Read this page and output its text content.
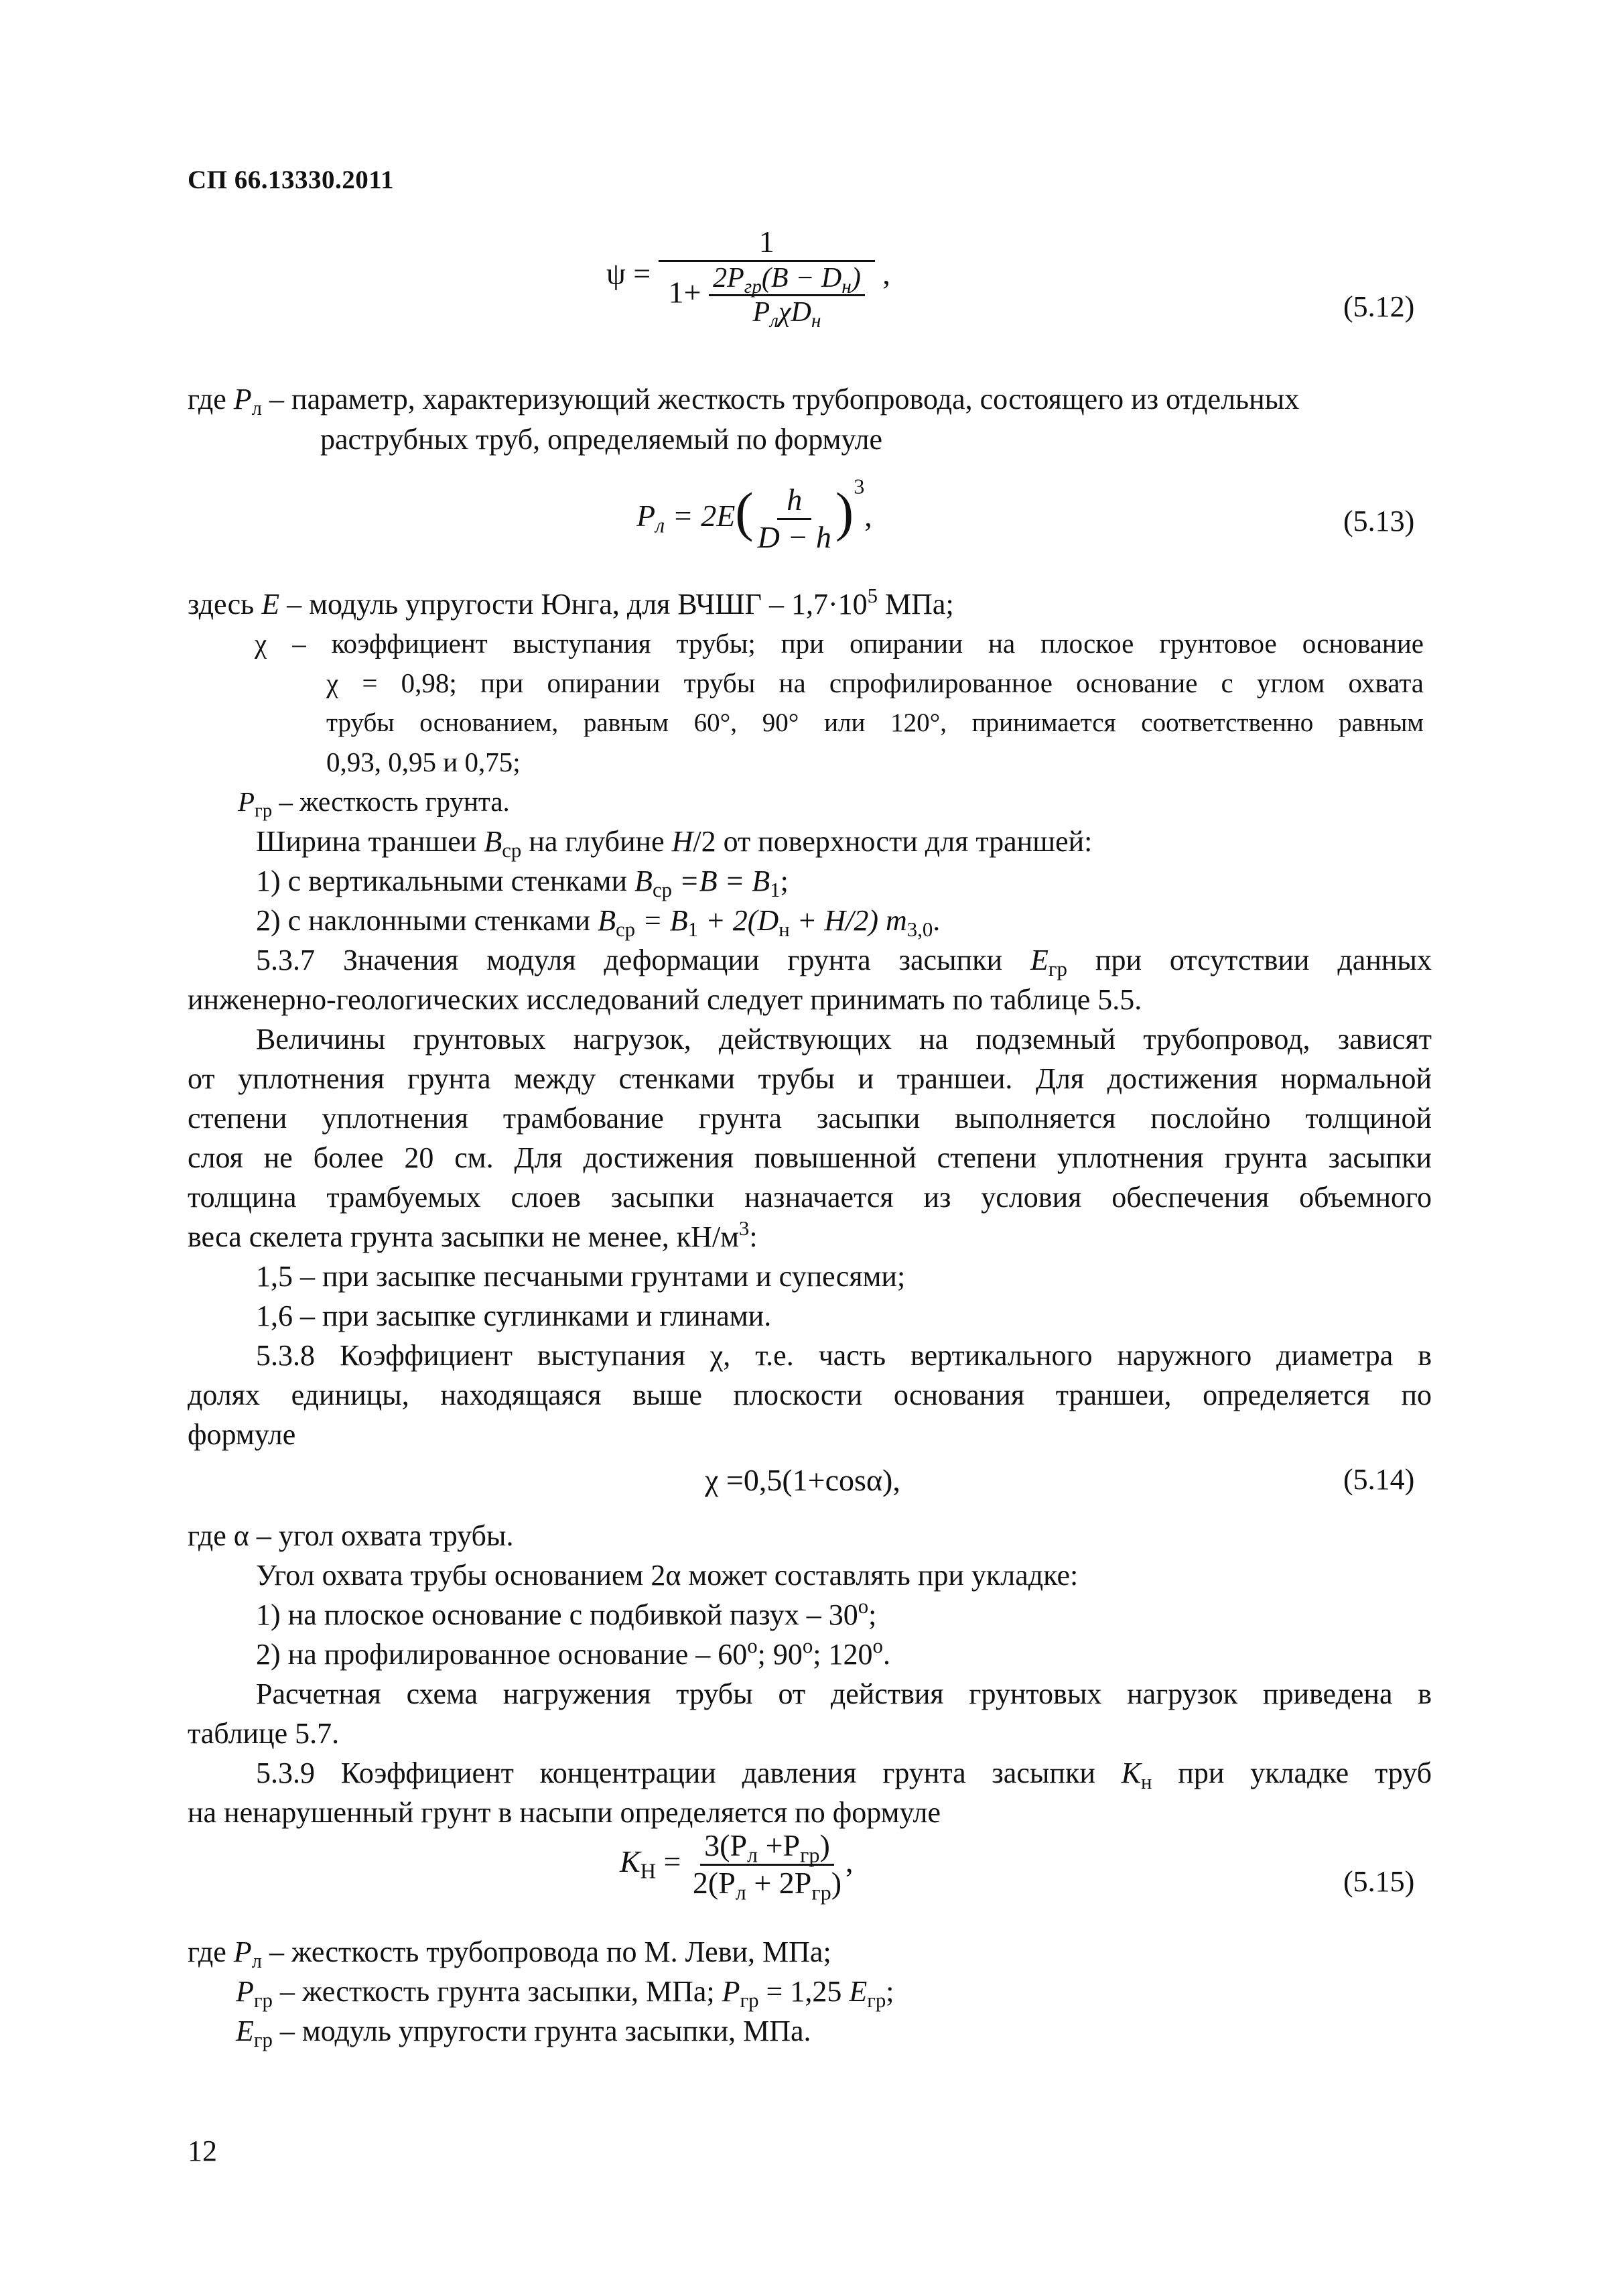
СП 66.13330.2011
$\psi = \frac{1}{1+ \frac{2P_{гр}(B - D_н)}{P_л\chi D_н}}$ ,
(5.12)
где $P_л$ – параметр, характеризующий жесткость трубопровода, состоящего из отдельных
раструбных труб, определяемый по формуле
$P_л = 2E( \frac{h}{D - h} )^3$,	(5.13)
здесь E – модуль упругости Юнга, для ВЧШГ – $1,7\cdot 10^5$ МПа;
χ – коэффициент выступания трубы; при опирании на плоское грунтовое основание
χ = 0,98; при опирании трубы на спрофилированное основание с углом охвата
трубы основанием, равным 60°, 90° или 120°, принимается соответственно равным
0,93, 0,95 и 0,75;
$P_{гр}$ – жесткость грунта.
Ширина траншеи $B_{ср}$ на глубине H/2 от поверхности для траншей:
1) с вертикальными стенками $B_{ср} =B = B_1$;
2) с наклонными стенками $B_{ср} = B_1 + 2(D_н + H/2)$ $m_{3,0}$.
5.3.7 Значения модуля деформации грунта засыпки $E_{гр}$ при отсутствии данных
инженерно-геологических исследований следует принимать по таблице 5.5.
Величины грунтовых нагрузок, действующих на подземный трубопровод, зависят
от уплотнения грунта между стенками трубы и траншеи. Для достижения нормальной
степени уплотнения трамбование грунта засыпки выполняется послойно толщиной
слоя не более 20 см. Для достижения повышенной степени уплотнения грунта засыпки
толщина трамбуемых слоев засыпки назначается из условия обеспечения объемного
веса скелета грунта засыпки не менее, $кН/м^3$:
1,5 – при засыпке песчаными грунтами и супесями;
1,6 – при засыпке суглинками и глинами.
5.3.8 Коэффициент выступания χ, т.е. часть вертикального наружного диаметра в
долях единицы, находящаяся выше плоскости основания траншеи, определяется по
формуле
χ =0,5(1+cosα),	(5.14)
где α – угол охвата трубы.
Угол охвата трубы основанием 2α может составлять при укладке:
1) на плоское основание с подбивкой пазух – 30$^o$;
2) на профилированное основание – 60$^o$; 90$^o$; 120$^o$.
Расчетная схема нагружения трубы от действия грунтовых нагрузок приведена в
таблице 5.7.
5.3.9 Коэффициент концентрации давления грунта засыпки $K_н$ при укладке труб
на ненарушенный грунт в насыпи определяется по формуле
$K_Н = \frac{3(P_л +P_{гр})}{2(P_л + 2P_{гр})}$ ,
(5.15)
где $P_л$ – жесткость трубопровода по М. Леви, МПа;
$P_{гр}$ – жесткость грунта засыпки, МПа; $P_{гр} = 1,25$ $E_{гр}$;
$E_{гр}$ – модуль упругости грунта засыпки, МПа.
12
